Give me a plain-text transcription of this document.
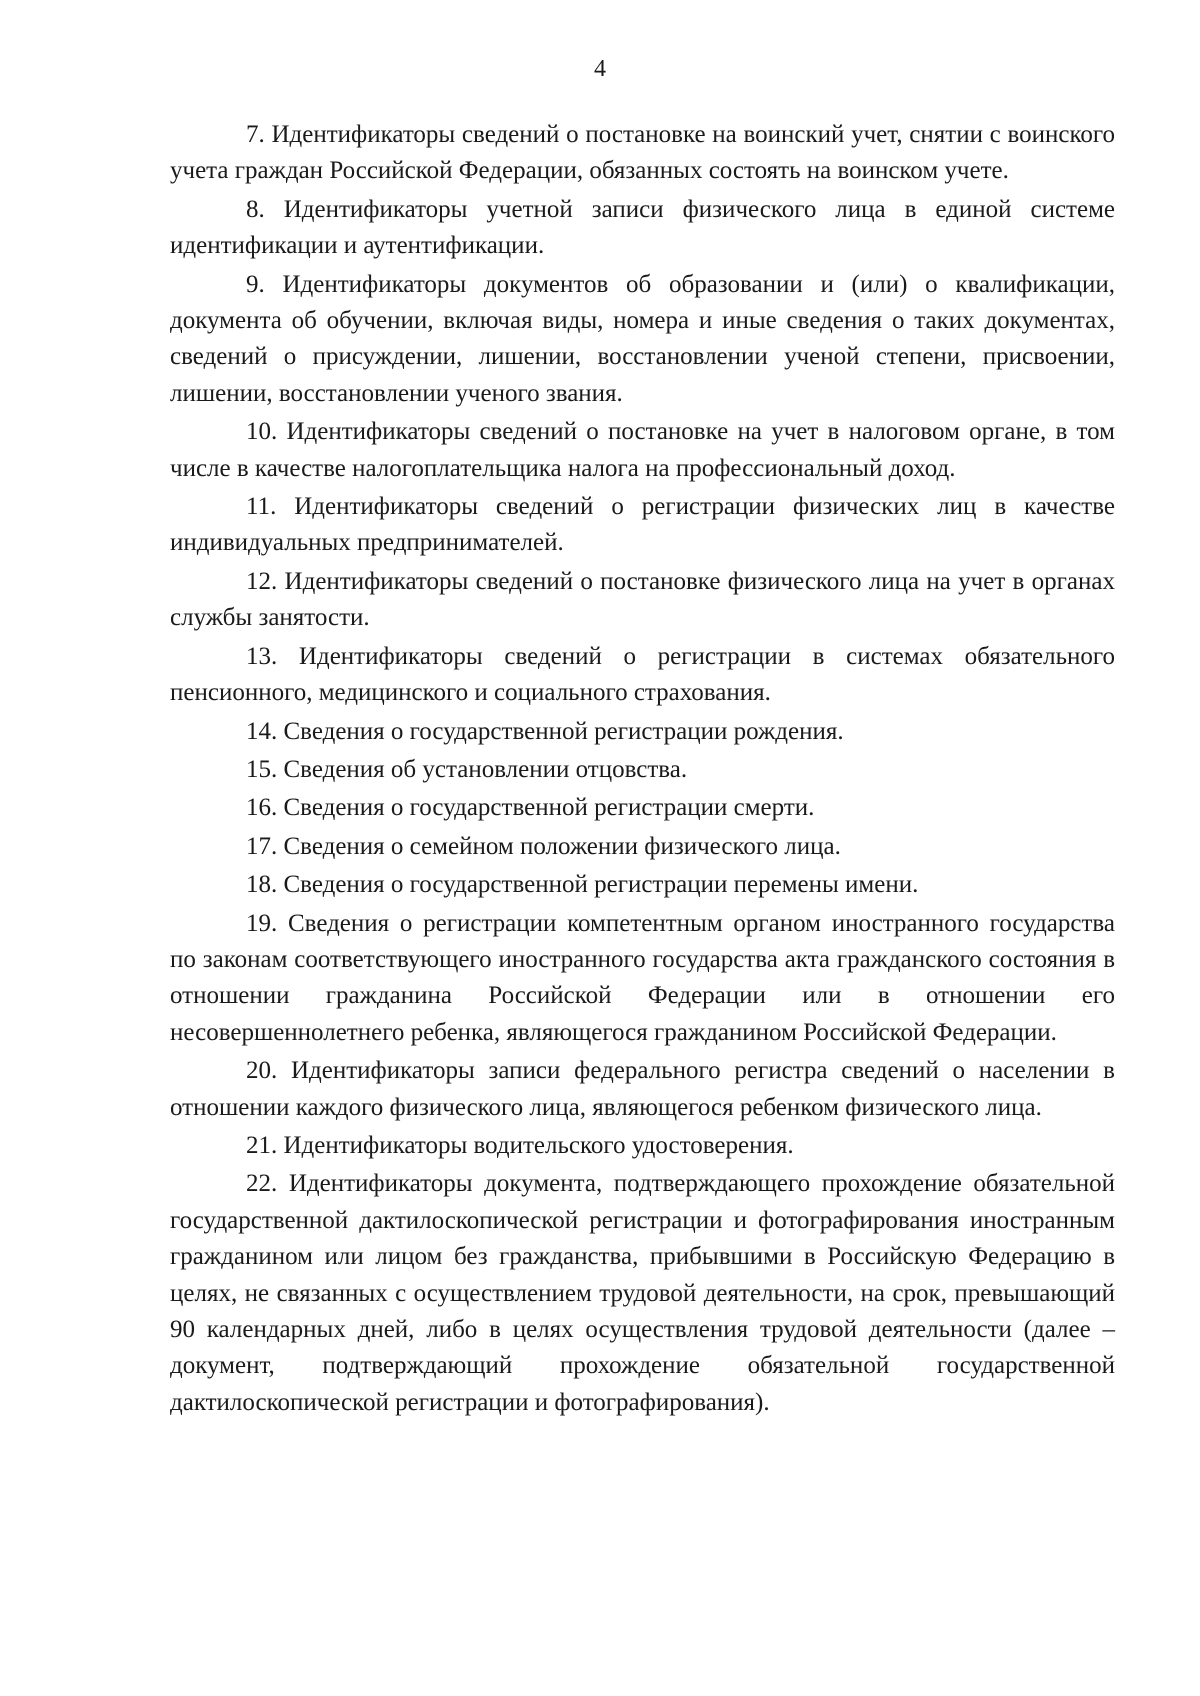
4

7. Идентификаторы сведений о постановке на воинский учет, снятии с воинского учета граждан Российской Федерации, обязанных состоять на воинском учете.

8. Идентификаторы учетной записи физического лица в единой системе идентификации и аутентификации.

9. Идентификаторы документов об образовании и (или) о квалификации, документа об обучении, включая виды, номера и иные сведения о таких документах, сведений о присуждении, лишении, восстановлении ученой степени, присвоении, лишении, восстановлении ученого звания.

10. Идентификаторы сведений о постановке на учет в налоговом органе, в том числе в качестве налогоплательщика налога на профессиональный доход.

11. Идентификаторы сведений о регистрации физических лиц в качестве индивидуальных предпринимателей.

12. Идентификаторы сведений о постановке физического лица на учет в органах службы занятости.

13. Идентификаторы сведений о регистрации в системах обязательного пенсионного, медицинского и социального страхования.

14. Сведения о государственной регистрации рождения.

15. Сведения об установлении отцовства.

16. Сведения о государственной регистрации смерти.

17. Сведения о семейном положении физического лица.

18. Сведения о государственной регистрации перемены имени.

19. Сведения о регистрации компетентным органом иностранного государства по законам соответствующего иностранного государства акта гражданского состояния в отношении гражданина Российской Федерации или в отношении его несовершеннолетнего ребенка, являющегося гражданином Российской Федерации.

20. Идентификаторы записи федерального регистра сведений о населении в отношении каждого физического лица, являющегося ребенком физического лица.

21. Идентификаторы водительского удостоверения.

22. Идентификаторы документа, подтверждающего прохождение обязательной государственной дактилоскопической регистрации и фотографирования иностранным гражданином или лицом без гражданства, прибывшими в Российскую Федерацию в целях, не связанных с осуществлением трудовой деятельности, на срок, превышающий 90 календарных дней, либо в целях осуществления трудовой деятельности (далее – документ, подтверждающий прохождение обязательной государственной дактилоскопической регистрации и фотографирования).
